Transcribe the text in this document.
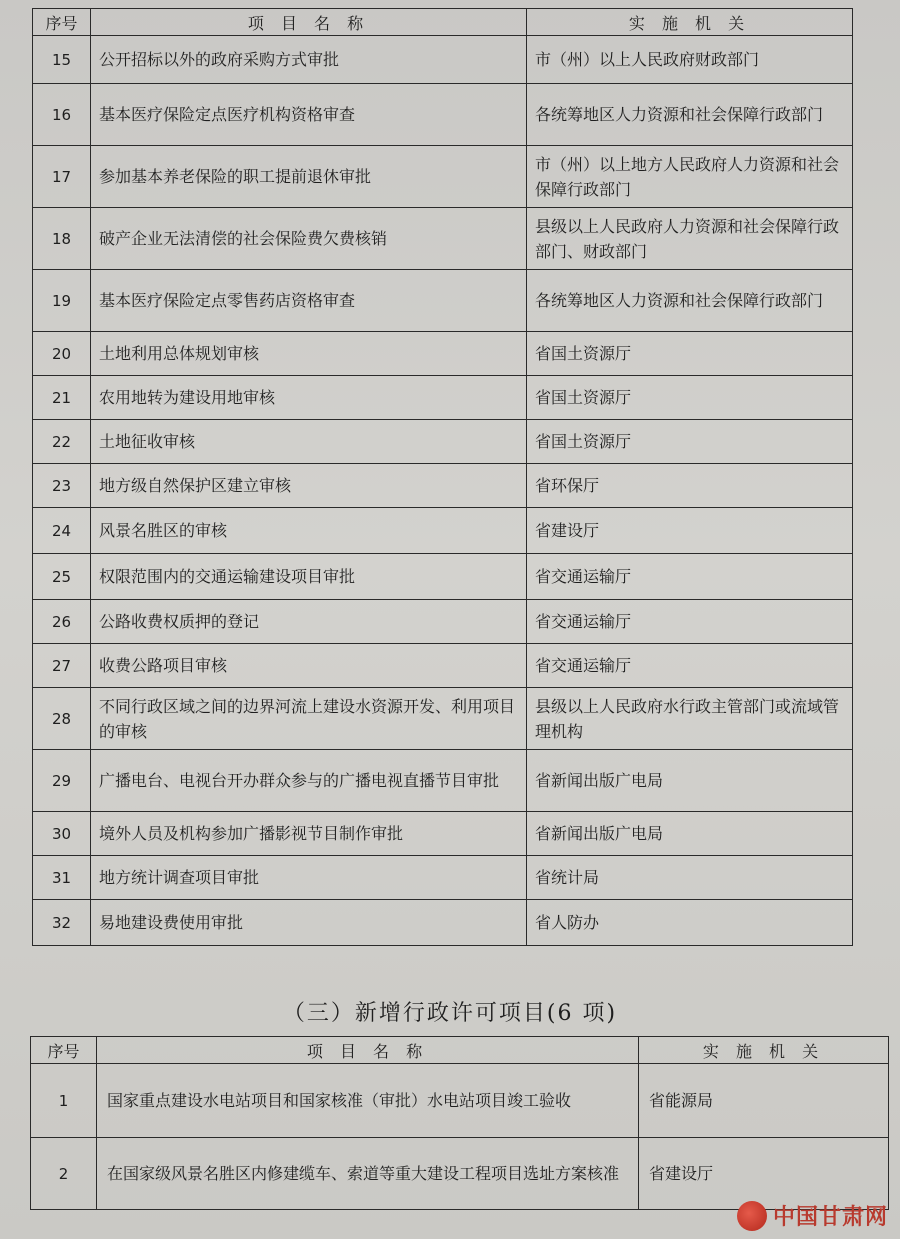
序号	项 目 名 称	实 施 机 关
15	公开招标以外的政府采购方式审批	市（州）以上人民政府财政部门
16	基本医疗保险定点医疗机构资格审查	各统筹地区人力资源和社会保障行政部门
17	参加基本养老保险的职工提前退休审批	市（州）以上地方人民政府人力资源和社会保障行政部门
18	破产企业无法清偿的社会保险费欠费核销	县级以上人民政府人力资源和社会保障行政部门、财政部门
19	基本医疗保险定点零售药店资格审查	各统筹地区人力资源和社会保障行政部门
20	土地利用总体规划审核	省国土资源厅
21	农用地转为建设用地审核	省国土资源厅
22	土地征收审核	省国土资源厅
23	地方级自然保护区建立审核	省环保厅
24	风景名胜区的审核	省建设厅
25	权限范围内的交通运输建设项目审批	省交通运输厅
26	公路收费权质押的登记	省交通运输厅
27	收费公路项目审核	省交通运输厅
28	不同行政区域之间的边界河流上建设水资源开发、利用项目的审核	县级以上人民政府水行政主管部门或流域管理机构
29	广播电台、电视台开办群众参与的广播电视直播节目审批	省新闻出版广电局
30	境外人员及机构参加广播影视节目制作审批	省新闻出版广电局
31	地方统计调查项目审批	省统计局
32	易地建设费使用审批	省人防办
（三）新增行政许可项目(6 项)
序号	项 目 名 称	实 施 机 关
1	国家重点建设水电站项目和国家核准（审批）水电站项目竣工验收	省能源局
2	在国家级风景名胜区内修建缆车、索道等重大建设工程项目选址方案核准	省建设厅
中国甘肃网
